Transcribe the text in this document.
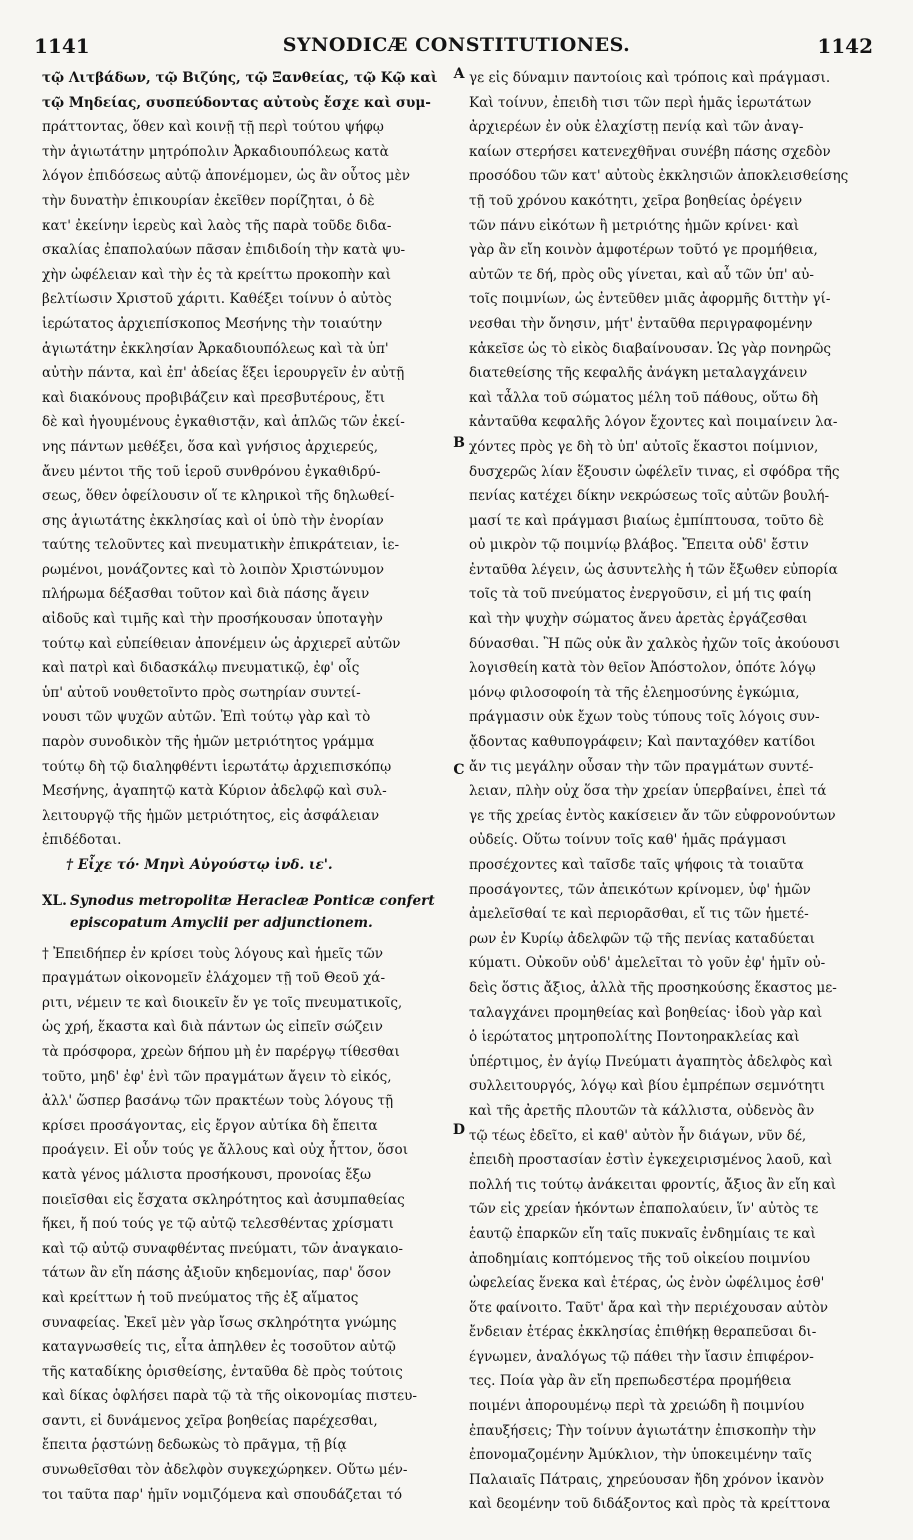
1141	SYNODICÆ CONSTITUTIONES.	1142
A
B
C
D
τῷ Λιτβάδων, τῷ Βιζύης, τῷ Ξανθείας, τῷ Κῷ καὶ
τῷ Μηδείας, συσπεύδοντας αὐτοὺς ἔσχε καὶ συμ-
πράττοντας, ὅθεν καὶ κοινῇ τῇ περὶ τούτου ψήφῳ
τὴν ἁγιωτάτην μητρόπολιν Ἀρκαδιουπόλεως κατὰ
λόγον ἐπιδόσεως αὐτῷ ἀπονέμομεν, ὡς ἂν οὗτος μὲν
τὴν δυνατὴν ἐπικουρίαν ἐκεῖθεν πορίζηται, ὁ δὲ
κατ' ἐκείνην ἱερεὺς καὶ λαὸς τῆς παρὰ τοῦδε διδα-
σκαλίας ἐπαπολαύων πᾶσαν ἐπιδιδοίη τὴν κατὰ ψυ-
χὴν ὠφέλειαν καὶ τὴν ἐς τὰ κρείττω προκοπὴν καὶ
βελτίωσιν Χριστοῦ χάριτι. Καθέξει τοίνυν ὁ αὐτὸς
ἱερώτατος ἀρχιεπίσκοπος Μεσήνης τὴν τοιαύτην
ἁγιωτάτην ἐκκλησίαν Ἀρκαδιουπόλεως καὶ τὰ ὑπ'
αὐτὴν πάντα, καὶ ἐπ' ἀδείας ἕξει ἱερουργεῖν ἐν αὐτῇ
καὶ διακόνους προβιβάζειν καὶ πρεσβυτέρους, ἔτι
δὲ καὶ ἡγουμένους ἐγκαθιστᾷν, καὶ ἁπλῶς τῶν ἐκεί-
νης πάντων μεθέξει, ὅσα καὶ γνήσιος ἀρχιερεύς,
ἄνευ μέντοι τῆς τοῦ ἱεροῦ συνθρόνου ἐγκαθιδρύ-
σεως, ὅθεν ὀφείλουσιν οἵ τε κληρικοὶ τῆς δηλωθεί-
σης ἁγιωτάτης ἐκκλησίας καὶ οἱ ὑπὸ τὴν ἐνορίαν
ταύτης τελοῦντες καὶ πνευματικὴν ἐπικράτειαν, ἱε-
ρωμένοι, μονάζοντες καὶ τὸ λοιπὸν Χριστώνυμον
πλήρωμα δέξασθαι τοῦτον καὶ διὰ πάσης ἄγειν
αἰδοῦς καὶ τιμῆς καὶ τὴν προσήκουσαν ὑποταγὴν
τούτῳ καὶ εὐπείθειαν ἀπονέμειν ὡς ἀρχιερεῖ αὐτῶν
καὶ πατρὶ καὶ διδασκάλῳ πνευματικῷ, ἐφ' οἷς
ὑπ' αὐτοῦ νουθετοῖντο πρὸς σωτηρίαν συντεί-
νουσι τῶν ψυχῶν αὐτῶν. Ἐπὶ τούτῳ γὰρ καὶ τὸ
παρὸν συνοδικὸν τῆς ἡμῶν μετριότητος γράμμα
τούτῳ δὴ τῷ διαληφθέντι ἱερωτάτῳ ἀρχιεπισκόπῳ
Μεσήνης, ἀγαπητῷ κατὰ Κύριον ἀδελφῷ καὶ συλ-
λειτουργῷ τῆς ἡμῶν μετριότητος, εἰς ἀσφάλειαν
ἐπιδέδοται.
† Εἶχε τό· Μηνὶ Αὐγούστῳ ἰνδ. ιε'.
XL. Synodus metropolitæ Heracleæ Ponticæ confert episcopatum Amyclii per adjunctionem.
† Ἐπειδήπερ ἐν κρίσει τοὺς λόγους καὶ ἡμεῖς τῶν
πραγμάτων οἰκονομεῖν ἐλάχομεν τῇ τοῦ Θεοῦ χά-
ριτι, νέμειν τε καὶ διοικεῖν ἔν γε τοῖς πνευματικοῖς,
ὡς χρή, ἕκαστα καὶ διὰ πάντων ὡς εἰπεῖν σώζειν
τὰ πρόσφορα, χρεὼν δήπου μὴ ἐν παρέργῳ τίθεσθαι
τοῦτο, μηδ' ἐφ' ἑνὶ τῶν πραγμάτων ἄγειν τὸ εἰκός,
ἀλλ' ὥσπερ βασάνῳ τῶν πρακτέων τοὺς λόγους τῇ
κρίσει προσάγοντας, εἰς ἔργον αὐτίκα δὴ ἔπειτα
προάγειν. Εἰ οὖν τούς γε ἄλλους καὶ οὐχ ἧττον, ὅσοι
κατὰ γένος μάλιστα προσήκουσι, προνοίας ἔξω
ποιεῖσθαι εἰς ἔσχατα σκληρότητος καὶ ἀσυμπαθείας
ἥκει, ἤ πού τούς γε τῷ αὐτῷ τελεσθέντας χρίσματι
καὶ τῷ αὐτῷ συναφθέντας πνεύματι, τῶν ἀναγκαιο-
τάτων ἂν εἴη πάσης ἀξιοῦν κηδεμονίας, παρ' ὅσον
καὶ κρείττων ἡ τοῦ πνεύματος τῆς ἐξ αἵματος
συναφείας. Ἐκεῖ μὲν γὰρ ἴσως σκληρότητα γνώμης
καταγνωσθείς τις, εἶτα ἀπηλθεν ἐς τοσοῦτον αὐτῷ
τῆς καταδίκης ὁρισθείσης, ἐνταῦθα δὲ πρὸς τούτοις
καὶ δίκας ὀφλήσει παρὰ τῷ τὰ τῆς οἰκονομίας πιστευ-
σαντι, εἰ δυνάμενος χεῖρα βοηθείας παρέχεσθαι,
ἔπειτα ῥᾳστώνῃ δεδωκὼς τὸ πρᾶγμα, τῇ βίᾳ
συνωθεῖσθαι τὸν ἀδελφὸν συγκεχώρηκεν. Οὕτω μέν-
τοι ταῦτα παρ' ἡμῖν νομιζόμενα καὶ σπουδάζεται τό
γε εἰς δύναμιν παντοίοις καὶ τρόποις καὶ πράγμασι.
Καὶ τοίνυν, ἐπειδὴ τισι τῶν περὶ ἡμᾶς ἱερωτάτων
ἀρχιερέων ἐν οὐκ ἐλαχίστῃ πενίᾳ καὶ τῶν ἀναγ-
καίων στερήσει κατενεχθῆναι συνέβη πάσης σχεδὸν
προσόδου τῶν κατ' αὐτοὺς ἐκκλησιῶν ἀποκλεισθείσης
τῇ τοῦ χρόνου κακότητι, χεῖρα βοηθείας ὀρέγειν
τῶν πάνυ εἰκότων ἢ μετριότης ἡμῶν κρίνει· καὶ
γὰρ ἂν εἴη κοινὸν ἀμφοτέρων τοῦτό γε προμήθεια,
αὐτῶν τε δή, πρὸς οὓς γίνεται, καὶ αὖ τῶν ὑπ' αὐ-
τοῖς ποιμνίων, ὡς ἐντεῦθεν μιᾶς ἀφορμῆς διττὴν γί-
νεσθαι τὴν ὄνησιν, μήτ' ἐνταῦθα περιγραφομένην
κἀκεῖσε ὡς τὸ εἰκὸς διαβαίνουσαν. Ὡς γὰρ πονηρῶς
διατεθείσης τῆς κεφαλῆς ἀνάγκη μεταλαγχάνειν
καὶ τἆλλα τοῦ σώματος μέλη τοῦ πάθους, οὕτω δὴ
κἀνταῦθα κεφαλῆς λόγον ἔχοντες καὶ ποιμαίνειν λα-
χόντες πρὸς γε δὴ τὸ ὑπ' αὐτοῖς ἕκαστοι ποίμνιον,
δυσχερῶς λίαν ἕξουσιν ὠφέλεῖν τινας, εἰ σφόδρα τῆς
πενίας κατέχει δίκην νεκρώσεως τοῖς αὐτῶν βουλή-
μασί τε καὶ πράγμασι βιαίως ἐμπίπτουσα, τοῦτο δὲ
οὐ μικρὸν τῷ ποιμνίῳ βλάβος. Ἔπειτα οὐδ' ἔστιν
ἐνταῦθα λέγειν, ὡς ἀσυντελὴς ἡ τῶν ἔξωθεν εὐπορία
τοῖς τὰ τοῦ πνεύματος ἐνεργοῦσιν, εἰ μή τις φαίη
καὶ τὴν ψυχὴν σώματος ἄνευ ἀρετὰς ἐργάζεσθαι
δύνασθαι. Ἢ πῶς οὐκ ἂν χαλκὸς ἠχῶν τοῖς ἀκούουσι
λογισθείη κατὰ τὸν θεῖον Ἀπόστολον, ὁπότε λόγῳ
μόνῳ φιλοσοφοίη τὰ τῆς ἐλεημοσύνης ἐγκώμια,
πράγμασιν οὐκ ἔχων τοὺς τύπους τοῖς λόγοις συν-
ᾄδοντας καθυπογράφειν; Καὶ πανταχόθεν κατίδοι
ἄν τις μεγάλην οὖσαν τὴν τῶν πραγμάτων συντέ-
λειαν, πλὴν οὐχ ὅσα τὴν χρείαν ὑπερβαίνει, ἐπεὶ τά
γε τῆς χρείας ἐντὸς κακίσειεν ἄν τῶν εὐφρονούντων
οὐδείς. Οὕτω τοίνυν τοῖς καθ' ἡμᾶς πράγμασι
προσέχοντες καὶ ταῖσδε ταῖς ψήφοις τὰ τοιαῦτα
προσάγοντες, τῶν ἀπεικότων κρίνομεν, ὑφ' ἡμῶν
ἀμελεῖσθαί τε καὶ περιορᾶσθαι, εἴ τις τῶν ἡμετέ-
ρων ἐν Κυρίῳ ἀδελφῶν τῷ τῆς πενίας καταδύεται
κύματι. Οὐκοῦν οὐδ' ἀμελεῖται τὸ γοῦν ἐφ' ἡμῖν οὐ-
δεὶς ὅστις ἄξιος, ἀλλὰ τῆς προσηκούσης ἕκαστος με-
ταλαγχάνει προμηθείας καὶ βοηθείας· ἰδοὺ γὰρ καὶ
ὁ ἱερώτατος μητροπολίτης Ποντοηρακλείας καὶ
ὑπέρτιμος, ἐν ἁγίῳ Πνεύματι ἀγαπητὸς ἀδελφὸς καὶ
συλλειτουργός, λόγῳ καὶ βίου ἐμπρέπων σεμνότητι
καὶ τῆς ἀρετῆς πλουτῶν τὰ κάλλιστα, οὐδενὸς ἂν
τῷ τέως ἐδεῖτο, εἰ καθ' αὐτὸν ἦν διάγων, νῦν δέ,
ἐπειδὴ προστασίαν ἐστὶν ἐγκεχειρισμένος λαοῦ, καὶ
πολλή τις τούτῳ ἀνάκειται φροντίς, ἄξιος ἂν εἴη καὶ
τῶν εἰς χρείαν ἡκόντων ἐπαπολαύειν, ἵν' αὐτὸς τε
ἑαυτῷ ἐπαρκῶν εἴη ταῖς πυκναῖς ἐνδημίαις τε καὶ
ἀποδημίαις κοπτόμενος τῆς τοῦ οἰκείου ποιμνίου
ὠφελείας ἕνεκα καὶ ἑτέρας, ὡς ἐνὸν ὠφέλιμος ἐσθ'
ὅτε φαίνοιτο. Ταῦτ' ἄρα καὶ τὴν περιέχουσαν αὐτὸν
ἔνδειαν ἑτέρας ἐκκλησίας ἐπιθήκῃ θεραπεῦσαι δι-
έγνωμεν, ἀναλόγως τῷ πάθει τὴν ἴασιν ἐπιφέρον-
τες. Ποία γὰρ ἂν εἴη πρεπωδεστέρα προμήθεια
ποιμένι ἀπορουμένῳ περὶ τὰ χρειώδη ἢ ποιμνίου
ἐπαυξήσεις; Τὴν τοίνυν ἁγιωτάτην ἐπισκοπὴν τὴν
ἐπονομαζομένην Ἀμύκλιον, τὴν ὑποκειμένην ταῖς
Παλαιαῖς Πάτραις, χηρεύουσαν ἤδη χρόνον ἱκανὸν
καὶ δεομένην τοῦ διδάξοντος καὶ πρὸς τὰ κρείττονα
